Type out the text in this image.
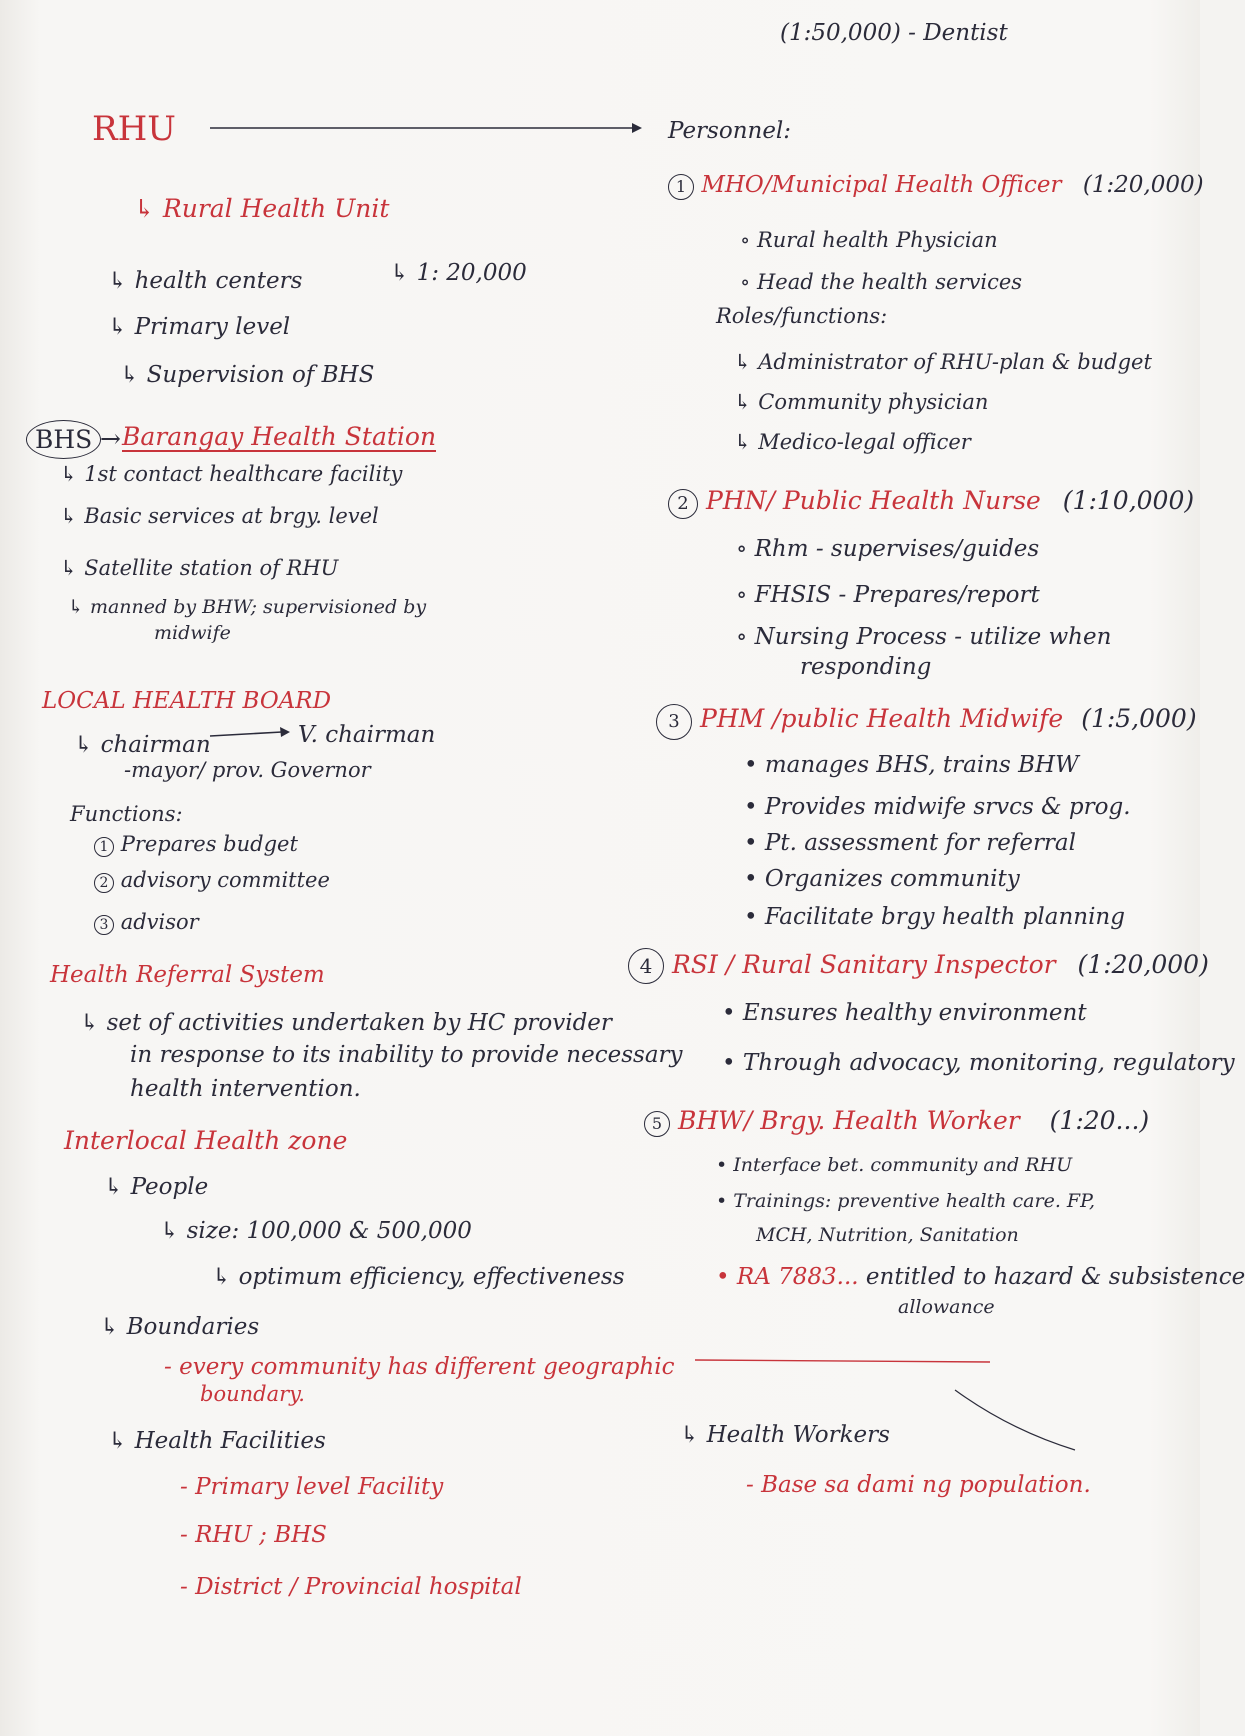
(1:50,000) - Dentist
RHU
↳ Rural Health Unit
↳ health centers	↳ 1: 20,000
↳ Primary level
↳ Supervision of BHS
BHS → Barangay Health Station
↳ 1st contact healthcare facility
↳ Basic services at brgy. level
↳ Satellite station of RHU
↳ manned by BHW; supervisioned by
midwife
LOCAL HEALTH BOARD
↳ chairman	V. chairman
-mayor/ prov. Governor
Functions:
1 Prepares budget
2 advisory committee
3 advisor
Health Referral System
↳ set of activities undertaken by HC provider
in response to its inability to provide necessary
health intervention.
Interlocal Health zone
↳ People
↳ size: 100,000 & 500,000
↳ optimum efficiency, effectiveness
↳ Boundaries
- every community has different geographic
boundary.
↳ Health Facilities
- Primary level Facility
- RHU ; BHS
- District / Provincial hospital
Personnel:
1 MHO/Municipal Health Officer (1:20,000)
∘ Rural health Physician
∘ Head the health services
Roles/functions:
↳ Administrator of RHU-plan & budget
↳ Community physician
↳ Medico-legal officer
2 PHN/ Public Health Nurse (1:10,000)
∘ Rhm - supervises/guides
∘ FHSIS - Prepares/report
∘ Nursing Process - utilize when
responding
3 PHM /public Health Midwife (1:5,000)
• manages BHS, trains BHW
• Provides midwife srvcs & prog.
• Pt. assessment for referral
• Organizes community
• Facilitate brgy health planning
4 RSI / Rural Sanitary Inspector (1:20,000)
• Ensures healthy environment
• Through advocacy, monitoring, regulatory
5 BHW/ Brgy. Health Worker (1:20...)
• Interface bet. community and RHU
• Trainings: preventive health care. FP,
MCH, Nutrition, Sanitation
• RA 7883... entitled to hazard & subsistence
allowance
↳ Health Workers
- Base sa dami ng population.
